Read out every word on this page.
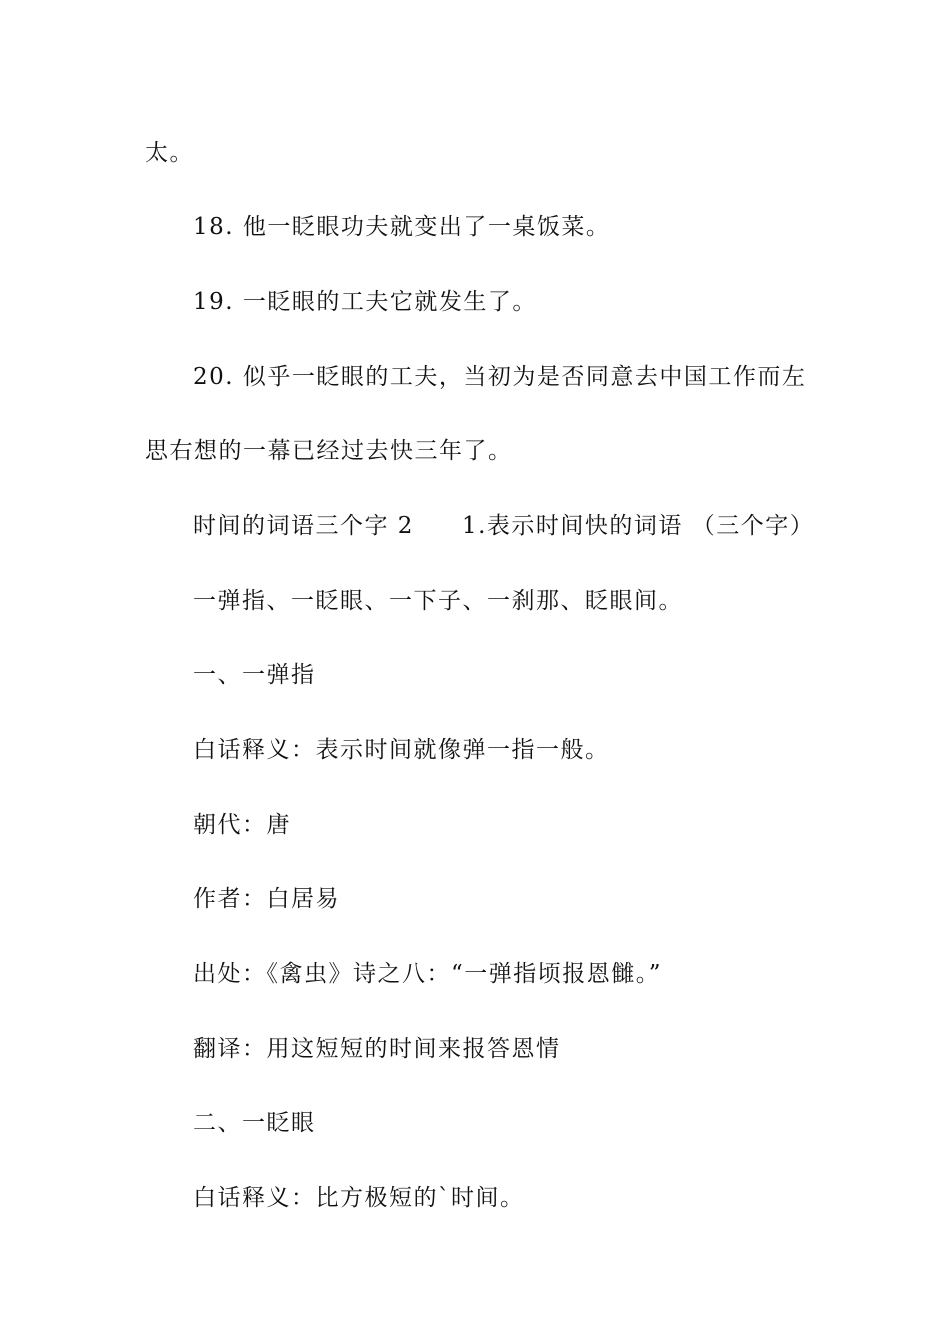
太。
18. 他一眨眼功夫就变出了一桌饭菜。
19. 一眨眼的工夫它就发生了。
20. 似乎一眨眼的工夫，当初为是否同意去中国工作而左
思右想的一幕已经过去快三年了。
时间的词语三个字 2 1.表示时间快的词语 （三个字）
一弹指、一眨眼、一下子、一刹那、眨眼间。
一、一弹指
白话释义：表示时间就像弹一指一般。
朝代：唐
作者：白居易
出处：《禽虫》诗之八：“一弹指顷报恩雠。”
翻译：用这短短的时间来报答恩情
二、一眨眼
白话释义：比方极短的`时间。
